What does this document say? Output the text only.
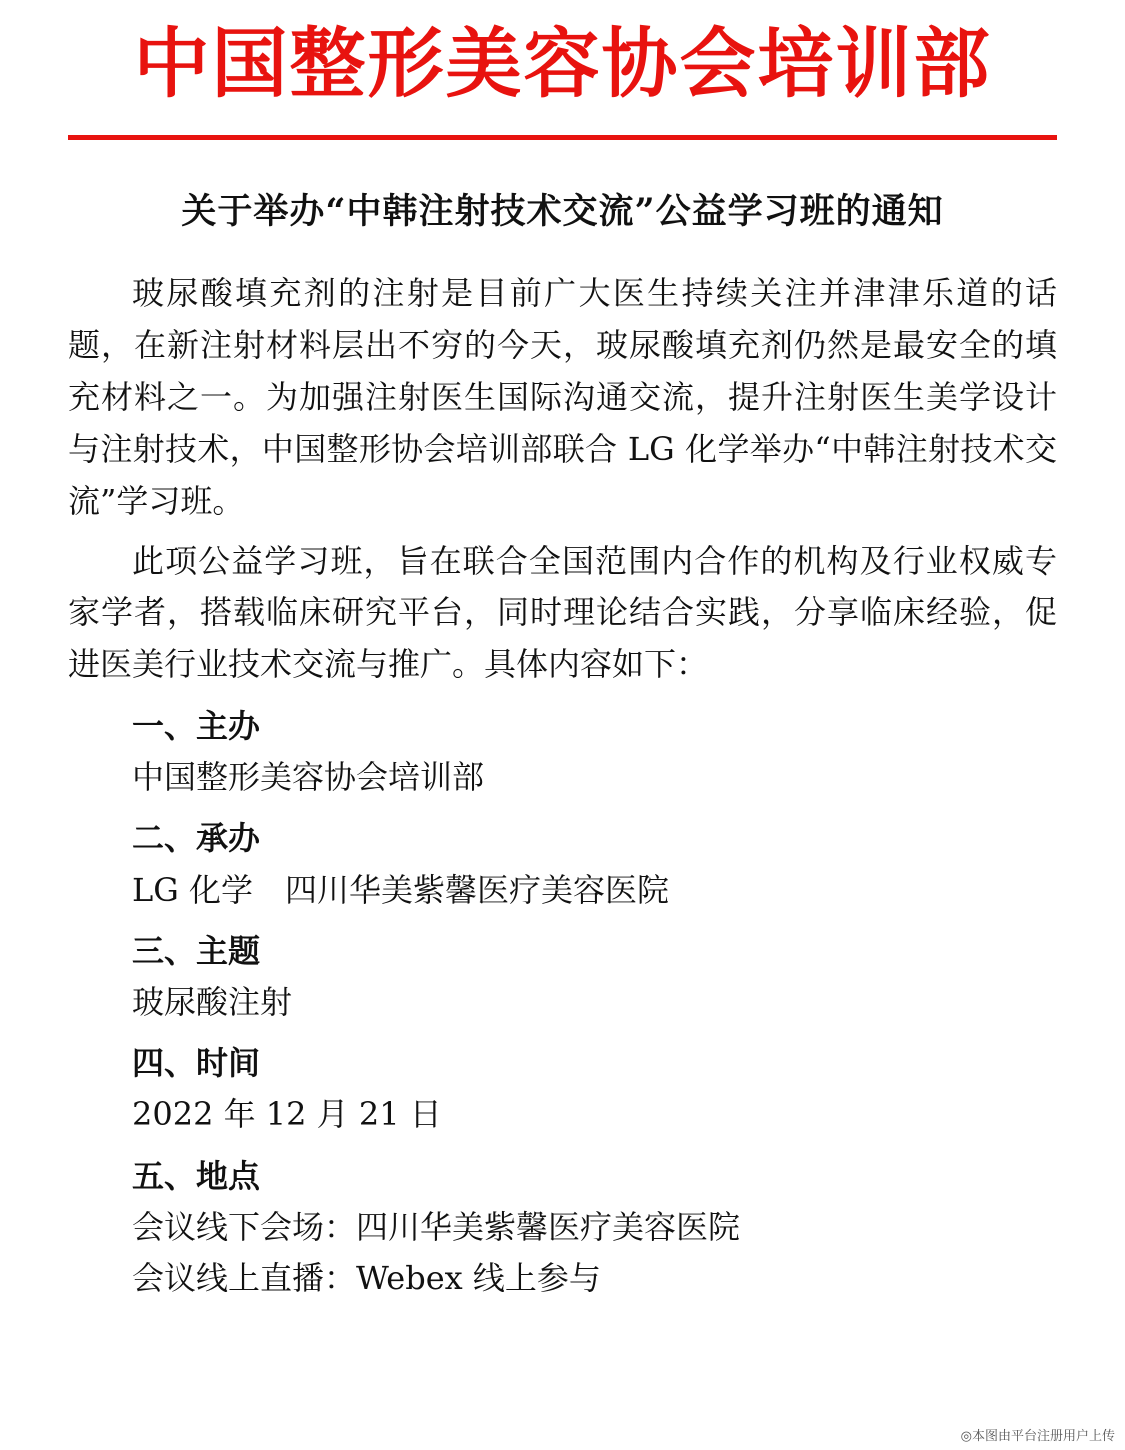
中国整形美容协会培训部
关于举办“中韩注射技术交流”公益学习班的通知

玻尿酸填充剂的注射是目前广大医生持续关注并津津乐道的话题，在新注射材料层出不穷的今天，玻尿酸填充剂仍然是最安全的填充材料之一。为加强注射医生国际沟通交流，提升注射医生美学设计与注射技术，中国整形协会培训部联合 LG 化学举办“中韩注射技术交流”学习班。

此项公益学习班，旨在联合全国范围内合作的机构及行业权威专家学者，搭载临床研究平台，同时理论结合实践，分享临床经验，促进医美行业技术交流与推广。具体内容如下：

一、主办
中国整形美容协会培训部
二、承办
LG 化学　四川华美紫馨医疗美容医院
三、主题
玻尿酸注射
四、时间
2022 年 12 月 21 日
五、地点
会议线下会场：四川华美紫馨医疗美容医院
会议线上直播：Webex 线上参与
◎本图由平台注册用户上传
